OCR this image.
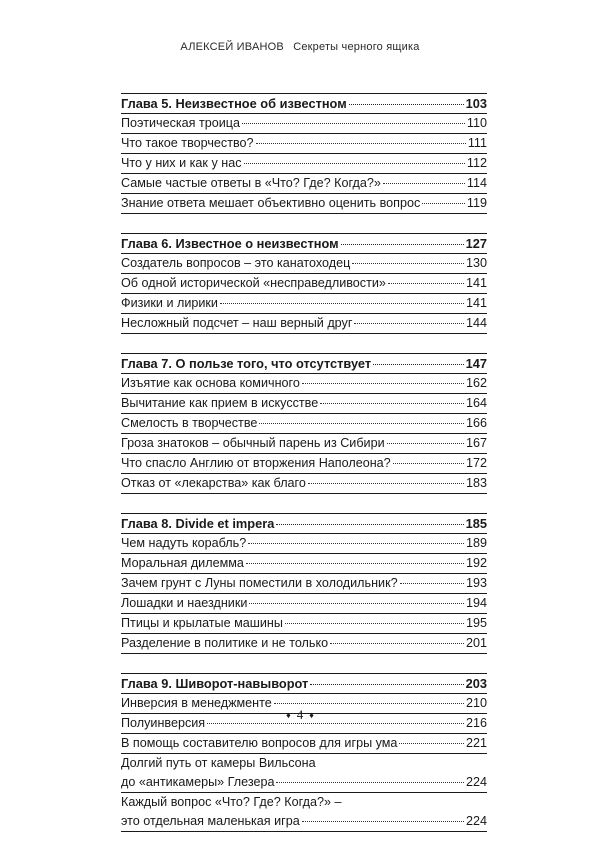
АЛЕКСЕЙ ИВАНОВ Секреты черного ящика
Глава 5. Неизвестное об известном	103
Поэтическая троица	110
Что такое творчество?	111
Что у них и как у нас	112
Самые частые ответы в «Что? Где? Когда?»	114
Знание ответа мешает объективно оценить вопрос	119
Глава 6. Известное о неизвестном	127
Создатель вопросов – это канатоходец	130
Об одной исторической «несправедливости»	141
Физики и лирики	141
Несложный подсчет – наш верный друг	144
Глава 7. О пользе того, что отсутствует	147
Изъятие как основа комичного	162
Вычитание как прием в искусстве	164
Смелость в творчестве	166
Гроза знатоков – обычный парень из Сибири	167
Что спасло Англию от вторжения Наполеона?	172
Отказ от «лекарства» как благо	183
Глава 8. Divide et impera	185
Чем надуть корабль?	189
Моральная дилемма	192
Зачем грунт с Луны поместили в холодильник?	193
Лошадки и наездники	194
Птицы и крылатые машины	195
Разделение в политике и не только	201
Глава 9. Шиворот-навыворот	203
Инверсия в менеджменте	210
Полуинверсия	216
В помощь составителю вопросов для игры ума	221
Долгий путь от камеры Вильсона
до «антикамеры» Глезера	224
Каждый вопрос «Что? Где? Когда?» –
это отдельная маленькая игра	224
♦ 4 ♦
